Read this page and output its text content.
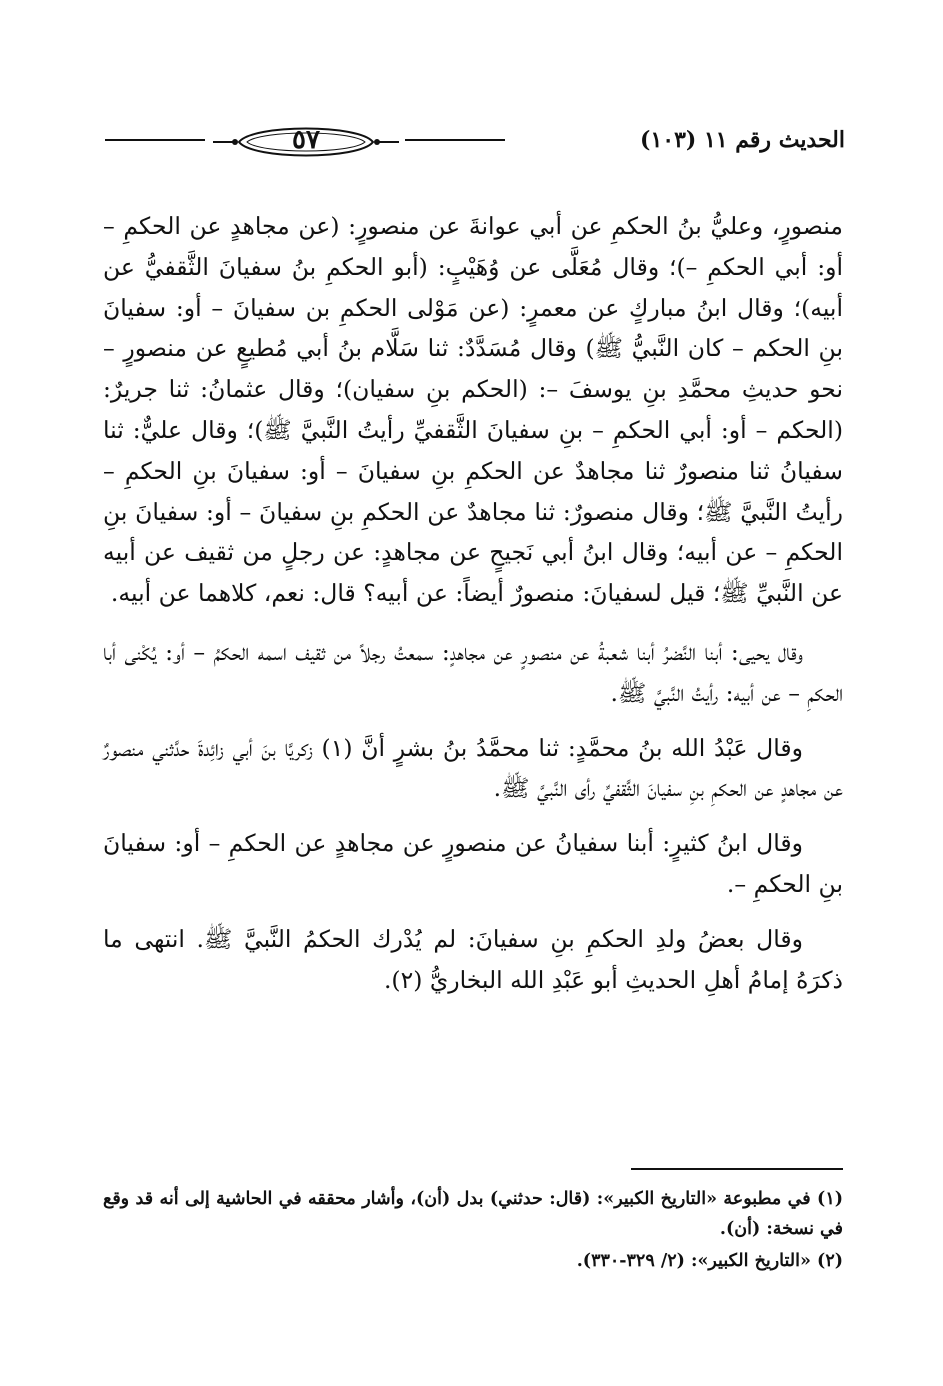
٥٧	الحديث رقم ١١ (١٠٣)

منصورٍ، وعليُّ بنُ الحكمِ عن أبي عوانةَ عن منصورٍ: (عن مجاهدٍ عن الحكمِ – أو: أبي الحكمِ –)؛ وقال مُعَلَّى عن وُهَيْبٍ: (أبو الحكمِ بنُ سفيانَ الثَّقفيُّ عن أبيه)؛ وقال ابنُ مباركٍ عن معمرٍ: (عن مَوْلى الحكمِ بن سفيانَ – أو: سفيانَ بنِ الحكم – كان النَّبيُّ ﷺ) وقال مُسَدَّدٌ: ثنا سَلَّام بنُ أبي مُطيعٍ عن منصورٍ – نحو حديثِ محمَّدِ بنِ يوسفَ –: (الحكم بنِ سفيان)؛ وقال عثمانُ: ثنا جريرٌ: (الحكم – أو: أبي الحكمِ – بنِ سفيانَ الثَّقفيِّ رأيتُ النَّبيَّ ﷺ)؛ وقال عليٌّ: ثنا سفيانُ ثنا منصورٌ ثنا مجاهدٌ عن الحكمِ بنِ سفيانَ – أو: سفيانَ بنِ الحكمِ – رأيتُ النَّبيَّ ﷺ؛ وقال منصورٌ: ثنا مجاهدٌ عن الحكمِ بنِ سفيانَ – أو: سفيانَ بنِ الحكمِ – عن أبيه؛ وقال ابنُ أبي نَجيحٍ عن مجاهدٍ: عن رجلٍ من ثقيف عن أبيه عن النَّبيِّ ﷺ؛ قيل لسفيانَ: منصورٌ أيضاً: عن أبيه؟ قال: نعم، كلاهما عن أبيه.

وقال يحيى: أبنا النَّضرُ أبنا شعبةُ عن منصورٍ عن مجاهدٍ: سمعتُ رجلاً من ثقيف اسمه الحكمُ – أو: يُكْنى أبا الحكمِ – عن أبيه: رأيتُ النَّبيَّ ﷺ.

وقال عَبْدُ الله بنُ محمَّدٍ: ثنا محمَّدُ بنُ بشرٍ أنَّ (١) زكريَّا بنَ أبي زائِدةَ حدَّثني منصورٌ عن مجاهدٍ عن الحكمِ بنِ سفيانَ الثَّقفيِّ رأى النَّبيَّ ﷺ.

وقال ابنُ كثيرٍ: أبنا سفيانُ عن منصورٍ عن مجاهدٍ عن الحكمِ – أو: سفيانَ بنِ الحكمِ –.

وقال بعضُ ولدِ الحكمِ بنِ سفيانَ: لم يُدْرك الحكمُ النَّبيَّ ﷺ. انتهى ما ذكرَهُ إمامُ أهلِ الحديثِ أبو عَبْدِ الله البخاريُّ (٢).

(١) في مطبوعة «التاريخ الكبير»: (قال: حدثني) بدل (أن)، وأشار محققه في الحاشية إلى أنه قد وقع في نسخة: (أن).

(٢) «التاريخ الكبير»: (٢/ ٣٢٩-٣٣٠).
